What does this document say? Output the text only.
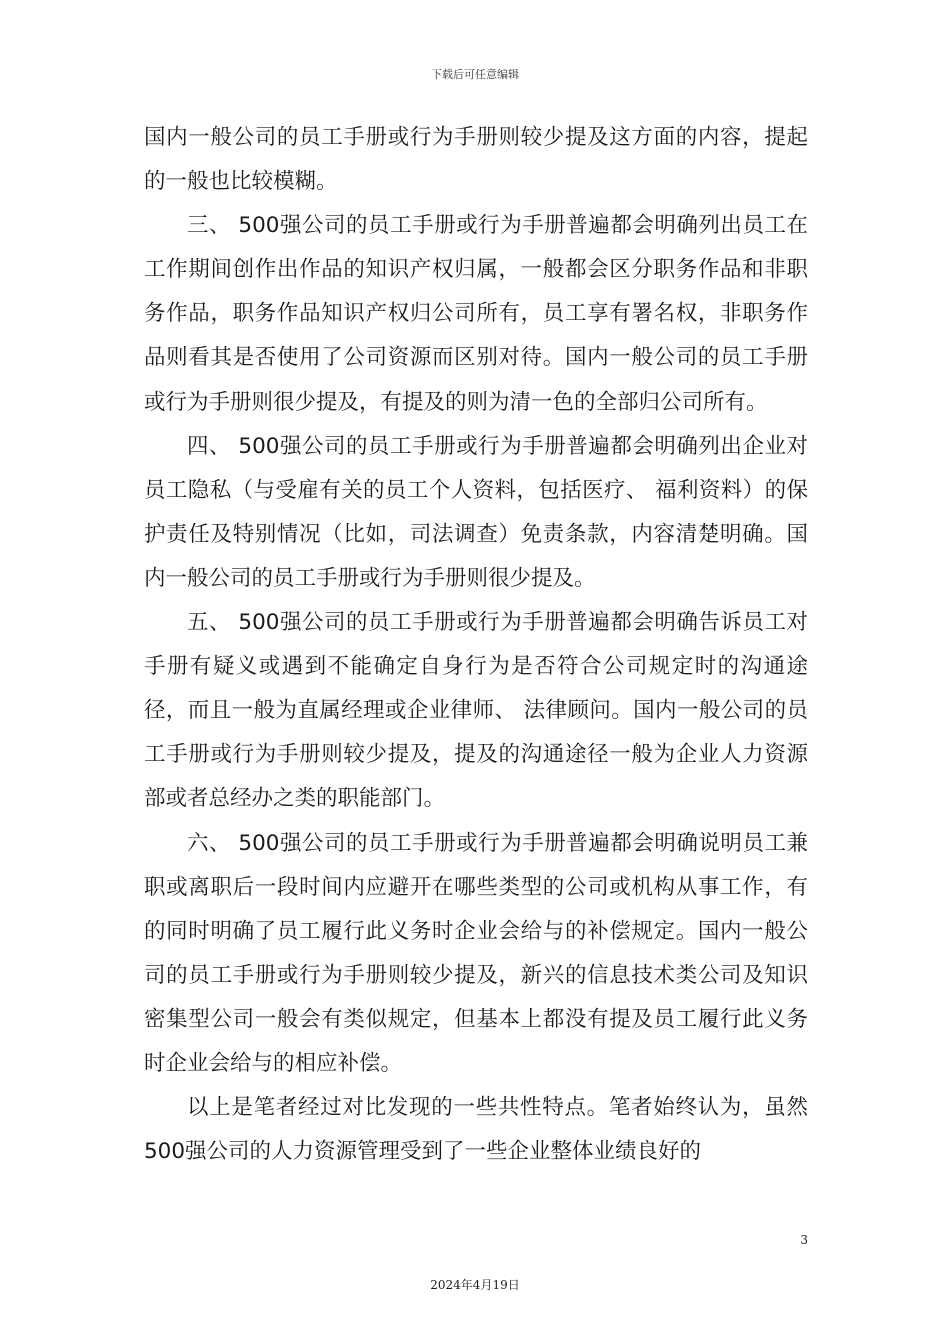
下载后可任意编辑

国内一般公司的员工手册或行为手册则较少提及这方面的内容，提起的一般也比较模糊。

三、 500强公司的员工手册或行为手册普遍都会明确列出员工在工作期间创作出作品的知识产权归属，一般都会区分职务作品和非职务作品，职务作品知识产权归公司所有，员工享有署名权，非职务作品则看其是否使用了公司资源而区别对待。国内一般公司的员工手册或行为手册则很少提及，有提及的则为清一色的全部归公司所有。

四、 500强公司的员工手册或行为手册普遍都会明确列出企业对员工隐私（与受雇有关的员工个人资料，包括医疗、 福利资料）的保护责任及特别情况（比如，司法调查）免责条款，内容清楚明确。国内一般公司的员工手册或行为手册则很少提及。

五、 500强公司的员工手册或行为手册普遍都会明确告诉员工对手册有疑义或遇到不能确定自身行为是否符合公司规定时的沟通途径，而且一般为直属经理或企业律师、 法律顾问。国内一般公司的员工手册或行为手册则较少提及，提及的沟通途径一般为企业人力资源部或者总经办之类的职能部门。

六、 500强公司的员工手册或行为手册普遍都会明确说明员工兼职或离职后一段时间内应避开在哪些类型的公司或机构从事工作，有的同时明确了员工履行此义务时企业会给与的补偿规定。国内一般公司的员工手册或行为手册则较少提及，新兴的信息技术类公司及知识密集型公司一般会有类似规定，但基本上都没有提及员工履行此义务时企业会给与的相应补偿。

以上是笔者经过对比发现的一些共性特点。笔者始终认为，虽然500强公司的人力资源管理受到了一些企业整体业绩良好的

3
2024年4月19日
